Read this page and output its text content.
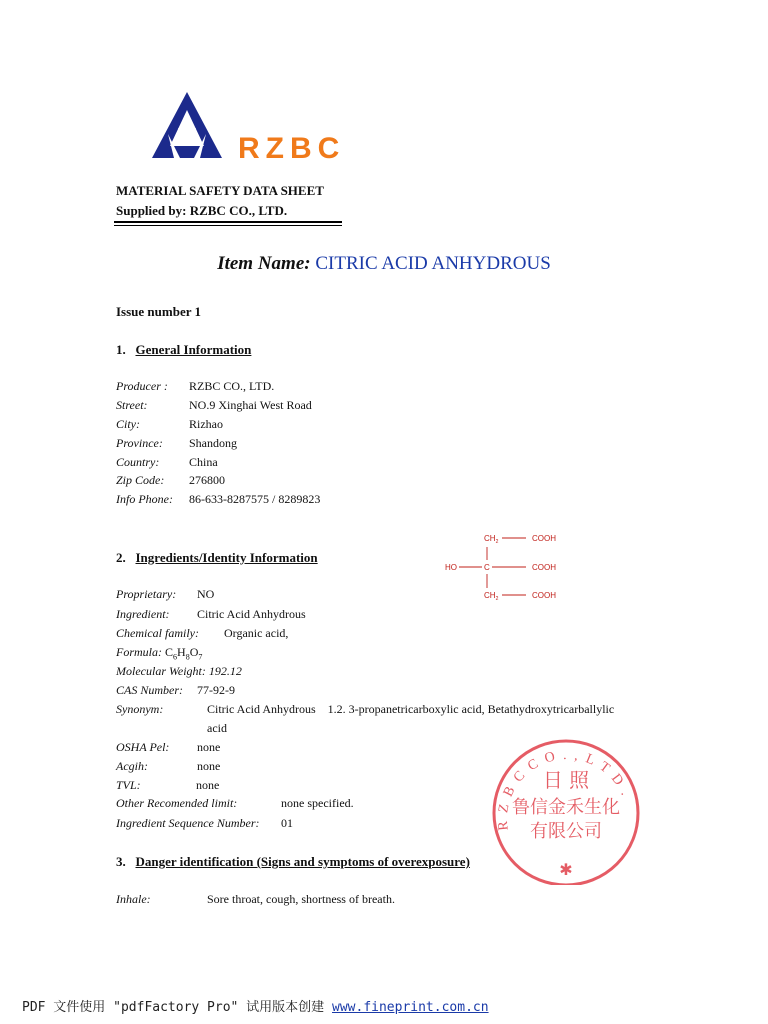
RZBC
MATERIAL SAFETY DATA SHEET
Supplied by: RZBC CO., LTD.
Item Name: CITRIC ACID ANHYDROUS
Issue number 1
1. General Information
Producer : RZBC CO., LTD.
Street:	NO.9 Xinghai West Road
City:	Rizhao
Province: Shandong
Country: China
Zip Code: 276800
Info Phone: 86-633-8287575 / 8289823
2. Ingredients/Identity Information
$CH_2$	COOH
HO	C	COOH
$CH_2$	COOH
Proprietary: NO
Ingredient: Citric Acid Anhydrous
Chemical family: Organic acid,
Formula: $C_6H_8O_7$
Molecular Weight: 192.12
CAS Number: 77-92-9
Synonym:	Citric Acid Anhydrous    1.2. 3-propanetricarboxylic acid, Betathydroxytricarballylic
acid
OSHA Pel: none
Acgih:	none
TVL:	none
Other Recomended limit:	none specified.
Ingredient Sequence Number: 01
3. Danger identification (Signs and symptoms of overexposure)
Inhale:	Sore throat, cough, shortness of breath.
R Z B C C O . , L T D .
日 照
鲁信金禾生化
有限公司
✱
PDF 文件使用 "pdfFactory Pro" 试用版本创建 www.fineprint.com.cn
